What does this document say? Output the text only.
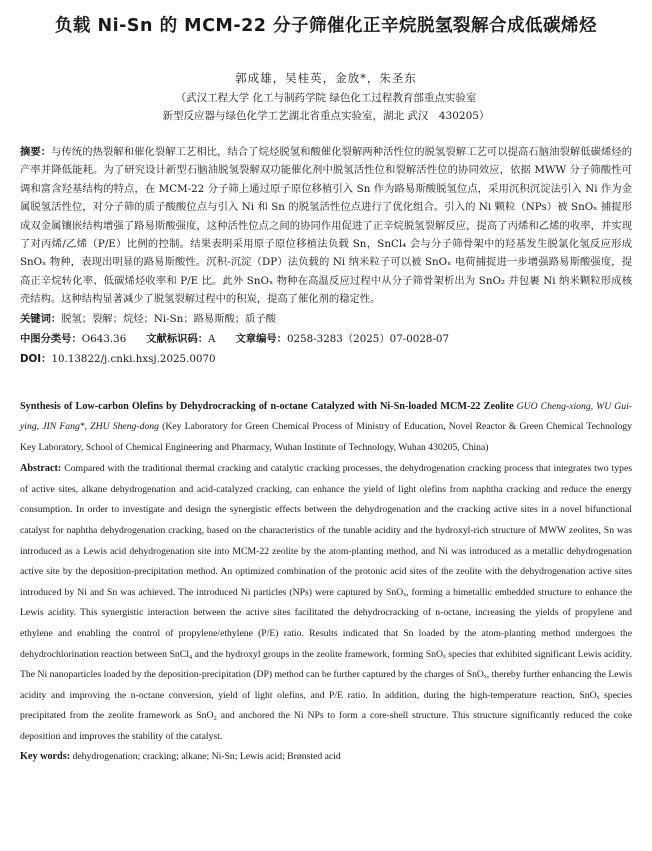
负载 Ni-Sn 的 MCM-22 分子筛催化正辛烷脱氢裂解合成低碳烯烃
郭成雄，吴桂英，金放*，朱圣东
（武汉工程大学 化工与制药学院 绿色化工过程教育部重点实验室
新型反应器与绿色化学工艺湖北省重点实验室，湖北 武汉　430205）
摘要：与传统的热裂解和催化裂解工艺相比，结合了烷烃脱氢和酸催化裂解两种活性位的脱氢裂解工艺可以提高石脑油裂解低碳烯烃的产率并降低能耗。为了研究设计新型石脑油脱氢裂解双功能催化剂中脱氢活性位和裂解活性位的协同效应，依据 MWW 分子筛酸性可调和富含羟基结构的特点，在 MCM-22 分子筛上通过原子原位移植引入 Sn 作为路易斯酸脱氢位点，采用沉积沉淀法引入 Ni 作为金属脱氢活性位，对分子筛的质子酸酸位点与引入 Ni 和 Sn 的脱氢活性位点进行了优化组合。引入的 Ni 颗粒（NPs）被 SnOₓ 捕捉形成双金属镶嵌结构增强了路易斯酸强度，这种活性位点之间的协同作用促进了正辛烷脱氢裂解反应，提高了丙烯和乙烯的收率，并实现了对丙烯/乙烯（P/E）比例的控制。结果表明采用原子原位移植法负载 Sn，SnCl₄ 会与分子筛骨架中的羟基发生脱氯化氢反应形成 SnOₓ 物种，表现出明显的路易斯酸性。沉积-沉淀（DP）法负载的 Ni 纳米粒子可以被 SnOₓ 电荷捕捉进一步增强路易斯酸强度，提高正辛烷转化率、低碳烯烃收率和 P/E 比。此外 SnOₓ 物种在高温反应过程中从分子筛骨架析出为 SnO₂ 并包裹 Ni 纳米颗粒形成核壳结构。这种结构显著减少了脱氢裂解过程中的积炭，提高了催化剂的稳定性。
关键词：脱氢；裂解；烷烃；Ni-Sn；路易斯酸；质子酸
中图分类号：O643.36 文献标识码：A 文章编号：0258-3283（2025）07-0028-07
DOI：10.13822/j.cnki.hxsj.2025.0070
Synthesis of Low-carbon Olefins by Dehydrocracking of n-octane Catalyzed with Ni-Sn-loaded MCM-22 Zeolite GUO Cheng-xiong, WU Gui-ying, JIN Fang*, ZHU Sheng-dong (Key Laboratory for Green Chemical Process of Ministry of Education, Novel Reactor & Green Chemical Technology Key Laboratory, School of Chemical Engineering and Pharmacy, Wuhan Institute of Technology, Wuhan 430205, China)
Abstract: Compared with the traditional thermal cracking and catalytic cracking processes, the dehydrogenation cracking process that integrates two types of active sites, alkane dehydrogenation and acid-catalyzed cracking, can enhance the yield of light olefins from naphtha cracking and reduce the energy consumption. In order to investigate and design the synergistic effects between the dehydrogenation and the cracking active sites in a novel bifunctional catalyst for naphtha dehydrogenation cracking, based on the characteristics of the tunable acidity and the hydroxyl-rich structure of MWW zeolites, Sn was introduced as a Lewis acid dehydrogenation site into MCM-22 zeolite by the atom-planting method, and Ni was introduced as a metallic dehydrogenation active site by the deposition-precipitation method. An optimized combination of the protonic acid sites of the zeolite with the dehydrogenation active sites introduced by Ni and Sn was achieved. The introduced Ni particles (NPs) were captured by SnOₓ, forming a bimetallic embedded structure to enhance the Lewis acidity. This synergistic interaction between the active sites facilitated the dehydrocracking of n-octane, increasing the yields of propylene and ethylene and enabling the control of propylene/ethylene (P/E) ratio. Results indicated that Sn loaded by the atom-planting method undergoes the dehydrochlorination reaction between SnCl₄ and the hydroxyl groups in the zeolite framework, forming SnOₓ species that exhibited significant Lewis acidity. The Ni nanoparticles loaded by the deposition-precipitation (DP) method can be further captured by the charges of SnOₓ, thereby further enhancing the Lewis acidity and improving the n-octane conversion, yield of light olefins, and P/E ratio. In addition, during the high-temperature reaction, SnOₓ species precipitated from the zeolite framework as SnO₂ and anchored the Ni NPs to form a core-shell structure. This structure significantly reduced the coke deposition and improves the stability of the catalyst.
Key words: dehydrogenation; cracking; alkane; Ni-Sn; Lewis acid; Brønsted acid
